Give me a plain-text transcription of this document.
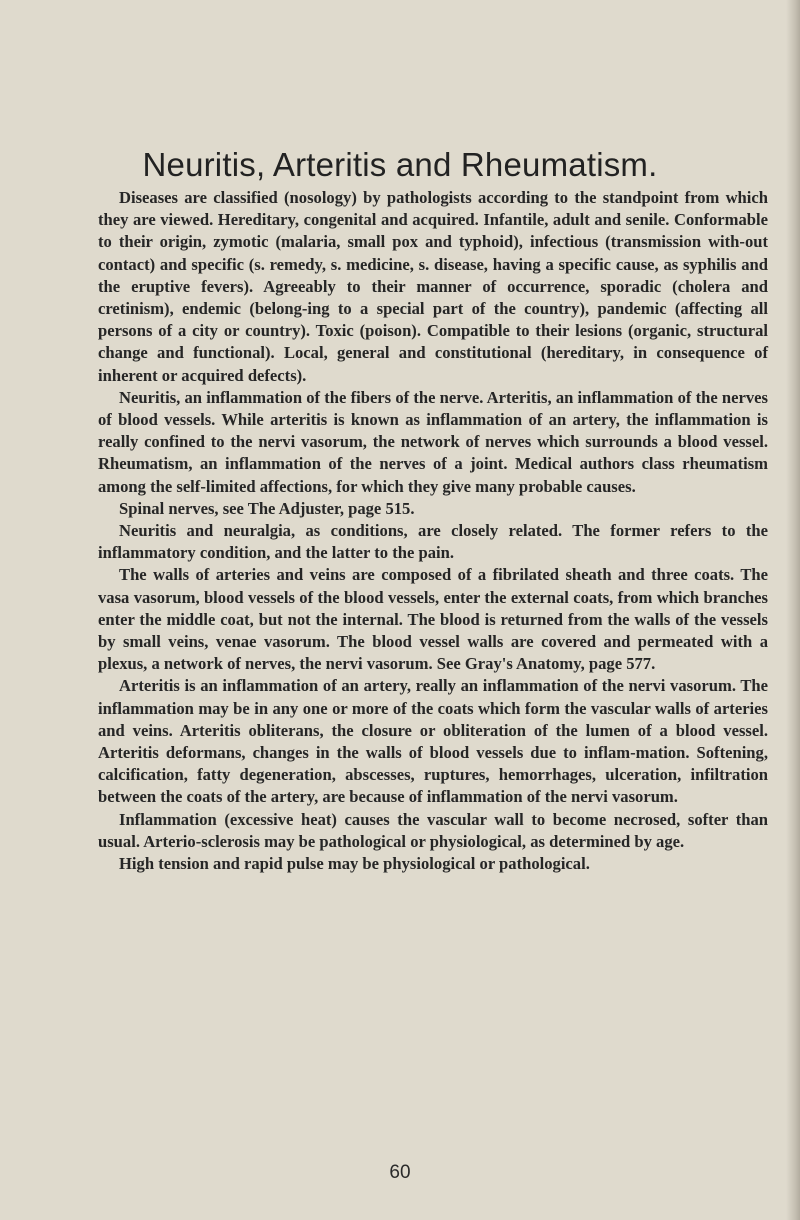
Neuritis, Arteritis and Rheumatism.

Diseases are classified (nosology) by pathologists according to the standpoint from which they are viewed. Hereditary, congenital and acquired. Infantile, adult and senile. Conformable to their origin, zymotic (malaria, small pox and typhoid), infectious (transmission with-out contact) and specific (s. remedy, s. medicine, s. disease, having a specific cause, as syphilis and the eruptive fevers). Agreeably to their manner of occurrence, sporadic (cholera and cretinism), endemic (belong-ing to a special part of the country), pandemic (affecting all persons of a city or country). Toxic (poison). Compatible to their lesions (organic, structural change and functional). Local, general and constitutional (hereditary, in consequence of inherent or acquired defects).

Neuritis, an inflammation of the fibers of the nerve. Arteritis, an inflammation of the nerves of blood vessels. While arteritis is known as inflammation of an artery, the inflammation is really confined to the nervi vasorum, the network of nerves which surrounds a blood vessel. Rheumatism, an inflammation of the nerves of a joint. Medical authors class rheumatism among the self-limited affections, for which they give many probable causes.

Spinal nerves, see The Adjuster, page 515.

Neuritis and neuralgia, as conditions, are closely related. The former refers to the inflammatory condition, and the latter to the pain.

The walls of arteries and veins are composed of a fibrilated sheath and three coats. The vasa vasorum, blood vessels of the blood vessels, enter the external coats, from which branches enter the middle coat, but not the internal. The blood is returned from the walls of the vessels by small veins, venae vasorum. The blood vessel walls are covered and permeated with a plexus, a network of nerves, the nervi vasorum. See Gray's Anatomy, page 577.

Arteritis is an inflammation of an artery, really an inflammation of the nervi vasorum. The inflammation may be in any one or more of the coats which form the vascular walls of arteries and veins. Arteritis obliterans, the closure or obliteration of the lumen of a blood vessel. Arteritis deformans, changes in the walls of blood vessels due to inflam-mation. Softening, calcification, fatty degeneration, abscesses, ruptures, hemorrhages, ulceration, infiltration between the coats of the artery, are because of inflammation of the nervi vasorum.

Inflammation (excessive heat) causes the vascular wall to become necrosed, softer than usual. Arterio-sclerosis may be pathological or physiological, as determined by age.

High tension and rapid pulse may be physiological or pathological.

60
